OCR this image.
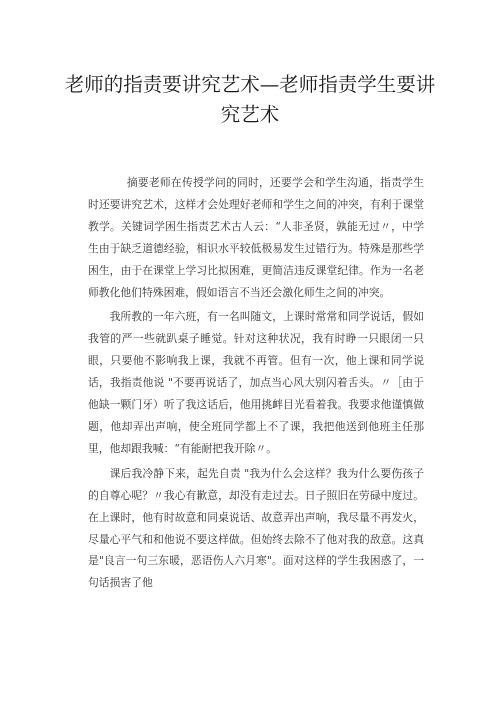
老师的指责要讲究艺术—老师指责学生要讲究艺术

摘要老师在传授学问的同时，还要学会和学生沟通，指责学生时还要讲究艺术，这样才会处理好老师和学生之间的冲突，有利于课堂教学。关键词学困生指责艺术古人云：“人非圣贤，孰能无过〃，中学生由于缺乏道德经验，相识水平较低极易发生过错行为。特殊是那些学困生，由于在课堂上学习比拟困难，更简洁违反课堂纪律。作为一名老师教化他们特殊困难，假如语言不当还会激化师生之间的冲突。

我所教的一年六班，有一名叫随文，上课时常常和同学说话，假如我管的严一些就趴桌子睡觉。针对这种状况，我有时睁一只眼闭一只眼，只要他不影响我上课，我就不再管。但有一次，他上课和同学说话，我指责他说 "不要再说话了，加点当心风大别闪着舌头。〃［由于他缺一颗门牙）听了我这话后，他用挑衅目光看着我。我要求他谨慎做题，他却弄出声响，使全班同学都上不了课，我把他送到他班主任那里，他却跟我喊：“有能耐把我开除〃。

课后我冷静下来，起先自责 "我为什么会这样？我为什么要伤孩子的自尊心呢？〃我心有歉意，却没有走过去。日子照旧在劳碌中度过。在上课时，他有时故意和同桌说话、故意弄出声响，我尽量不再发火，尽量心平气和和他说不要这样做。但始终去除不了他对我的敌意。这真是"良言一句三东暖，恶语伤人六月寒"。面对这样的学生我困惑了，一句话损害了他
